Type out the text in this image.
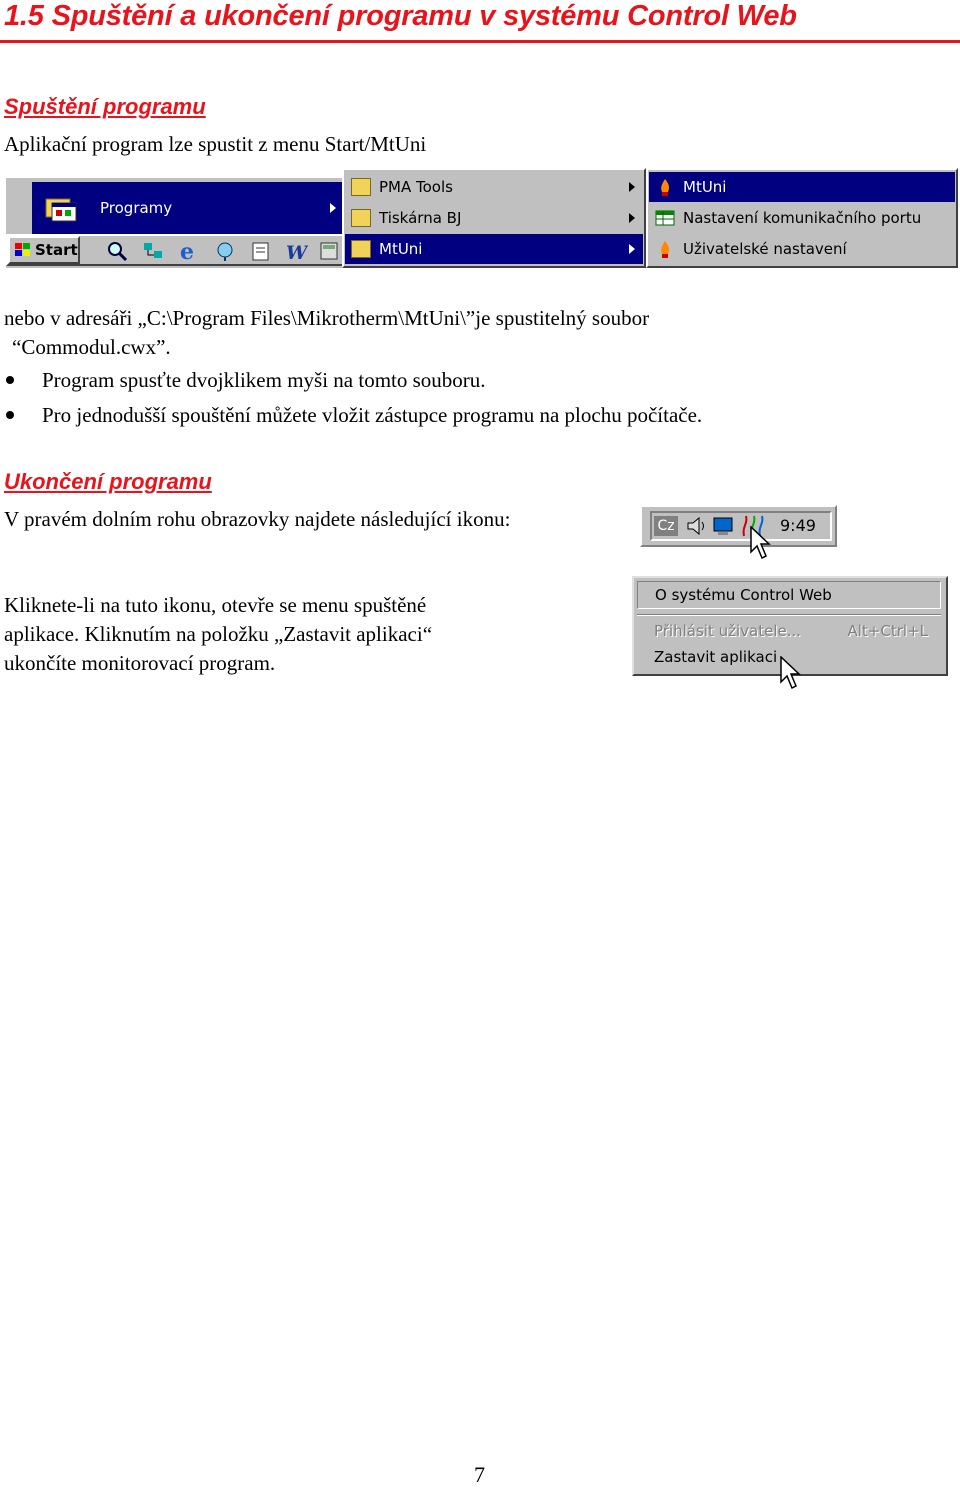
1.5 Spuštění a ukončení programu v systému Control Web
Spuštění programu
Aplikační program lze spustit z menu Start/MtUni
Programy
Start	e	W
PMA Tools
Tiskárna BJ
MtUni
MtUni
Nastavení komunikačního portu
Uživatelské nastavení
nebo v adresáři „C:\Program Files\Mikrotherm\MtUni\”je spustitelný soubor
“Commodul.cwx”.
Program spusťte dvojklikem myši na tomto souboru.
Pro jednodušší spouštění můžete vložit zástupce programu na plochu počítače.
Ukončení programu
V pravém dolním rohu obrazovky najdete následující ikonu:	Cz	9:49
Kliknete-li na tuto ikonu, otevře se menu spuštěné
aplikace. Kliknutím na položku „Zastavit aplikaci“
ukončíte monitorovací program.
O systému Control Web
Přihlásit uživatele...	Alt+Ctrl+L
Zastavit aplikaci
7
